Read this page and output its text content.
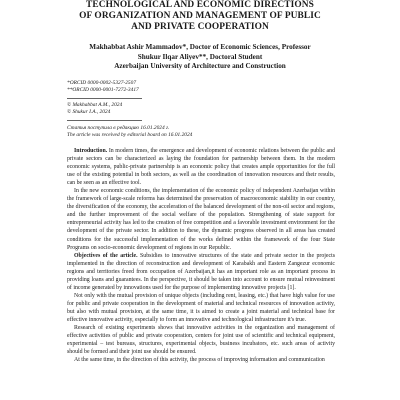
TECHNOLOGICAL AND ECONOMIC DIRECTIONS
OF ORGANIZATION AND MANAGEMENT OF PUBLIC
AND PRIVATE COOPERATION
Makhabbat Ashir Mammadov*, Doctor of Economic Sciences, Professor
Shukur Ilqar Aliyev**, Doctoral Student
Azerbaijan University of Architecture and Construction
*ORCID 0000-0002-5327-2507
**ORCID 0000-0001-7272-3417
© Makhabbat A.M., 2024
© Shukur I.A., 2024
Статья поступила в редакцию 16.01.2024 г.
The article was received by editorial board on 16.01.2024

Introduction. In modern times, the emergence and development of economic relations between the public and private sectors can be characterized as laying the foundation for partnership between them. In the modern economic systems, public-private partnership is an economic policy that creates ample opportunities for the full use of the existing potential in both sectors, as well as the coordination of innovation resources and their results, can be seen as an effective tool.

In the new economic conditions, the implementation of the economic policy of independent Azerbaijan within the framework of large-scale reforms has determined the preservation of macroeconomic stability in our country, the diversification of the economy, the acceleration of the balanced development of the non-oil sector and regions, and the further improvement of the social welfare of the population. Strengthening of state support for entrepreneurial activity has led to the creation of free competition and a favorable investment environment for the development of the private sector. In addition to these, the dynamic progress observed in all areas has created conditions for the successful implementation of the works defined within the framework of the four State Programs on socio-economic development of regions in our Republic.

Objectives of the article. Subsidies to innovative structures of the state and private sector in the projects implemented in the direction of reconstruction and development of Karabakh and Eastern Zangezur economic regions and territories freed from occupation of Azerbaijan,it has an important role as an important process in providing loans and guarantees. In the perspective, it should be taken into account to ensure mutual reinvestment of income generated by innovations used for the purpose of implementing innovative projects [1].

Not only with the mutual provision of unique objects (including rent, leasing, etc.) that have high value for use for public and private cooperation in the development of material and technical resources of innovation activity, but also with mutual provision, at the same time, it is aimed to create a joint material and technical base for effective innovative activity, especially to form an innovative and technological infrastructure it's true.

Research of existing experiments shows that innovative activities in the organization and management of effective activities of public and private cooperation, centers for joint use of scientific and technical equipment, experimental – test bureaus, structures, experimental objects, business incubators, etc. such areas of activity should be formed and their joint use should be ensured.

At the same time, in the direction of this activity, the process of improving information and communication
